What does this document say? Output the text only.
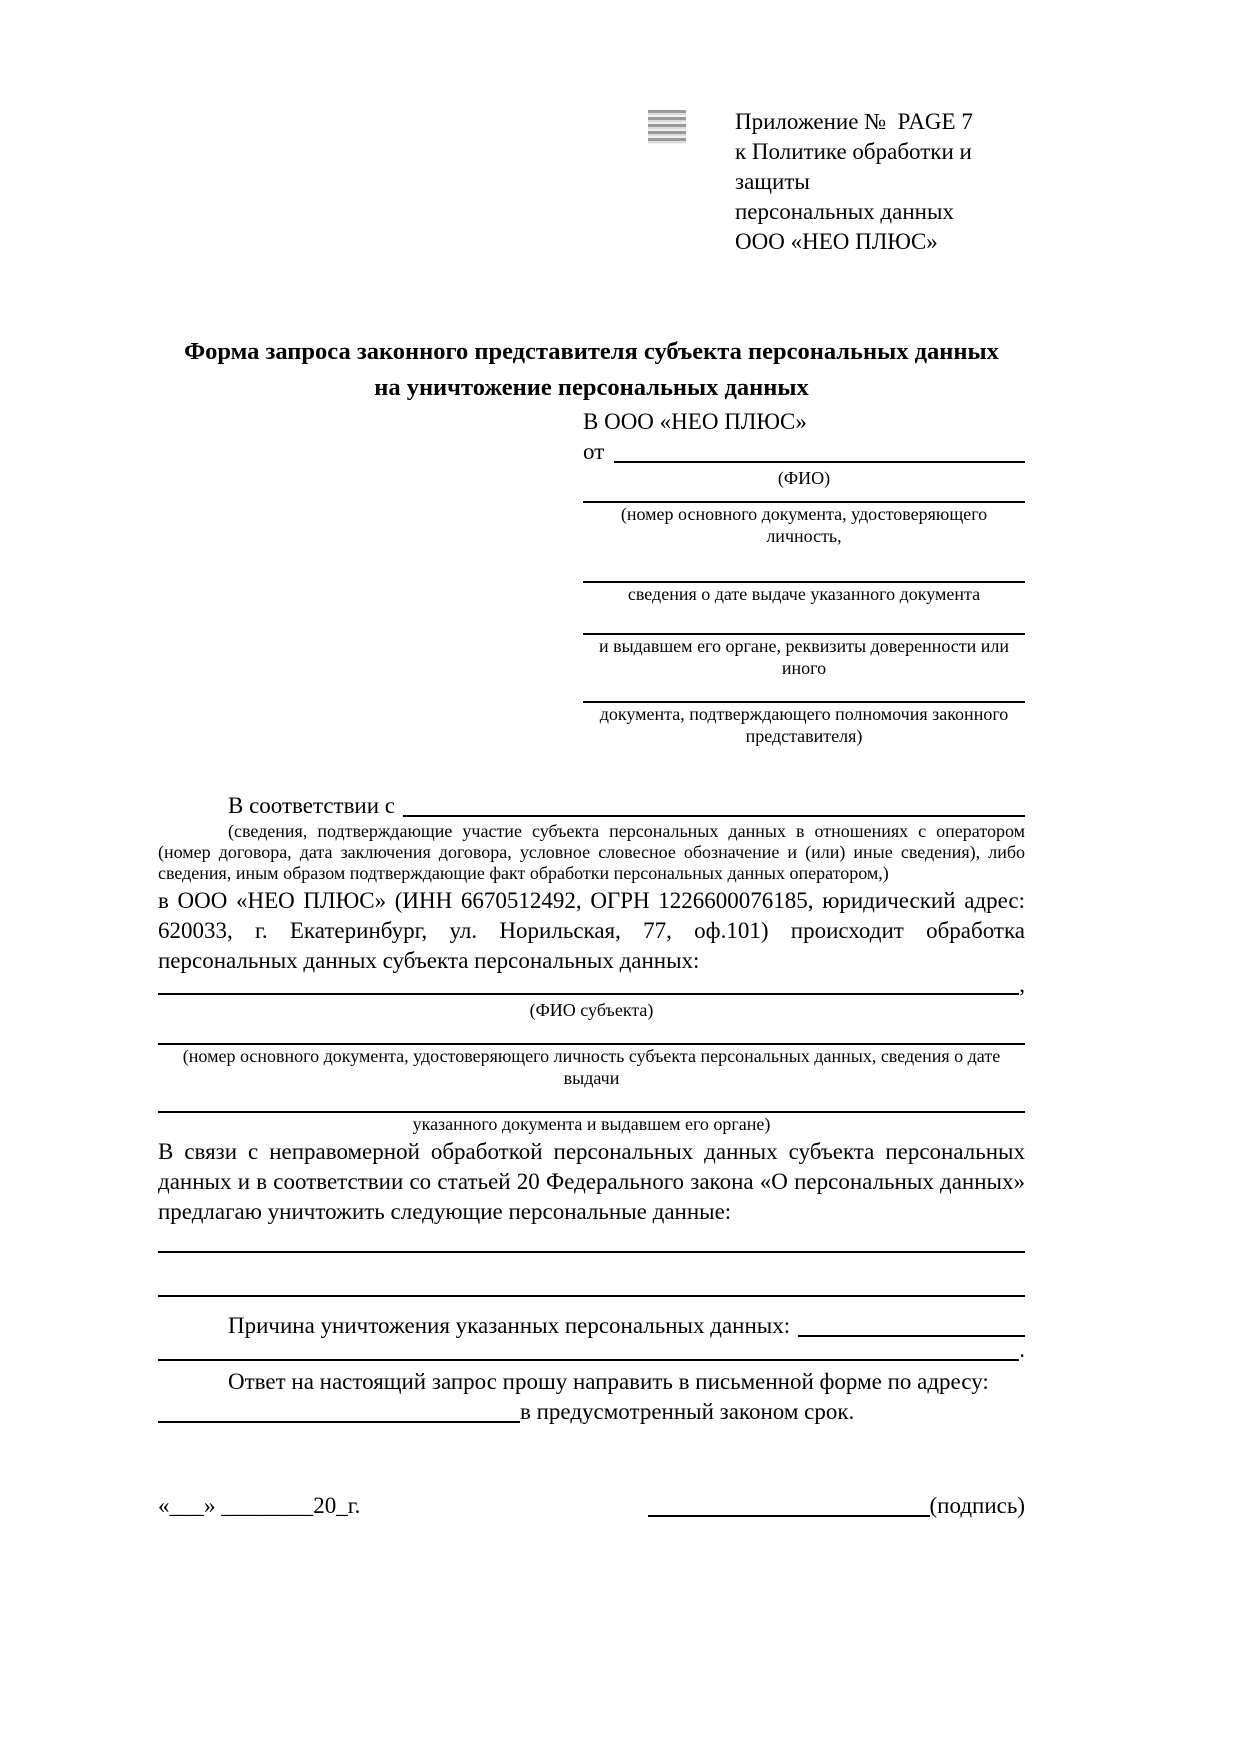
Приложение №  PAGE 7
к Политике обработки и защиты
персональных данных
ООО «НЕО ПЛЮС»
Форма запроса законного представителя субъекта персональных данных
на уничтожение персональных данных
В ООО «НЕО ПЛЮС»
от
(ФИО)
(номер основного документа, удостоверяющего личность,
сведения о дате выдаче указанного документа
и выдавшем его органе, реквизиты доверенности или иного
документа, подтверждающего полномочия законного представителя)
В соответствии с

(сведения, подтверждающие участие субъекта персональных данных в отношениях с оператором (номер договора, дата заключения договора, условное словесное обозначение и (или) иные сведения), либо сведения, иным образом подтверждающие факт обработки персональных данных оператором,)

в ООО «НЕО ПЛЮС» (ИНН 6670512492, ОГРН 1226600076185, юридический адрес: 620033, г. Екатеринбург, ул. Норильская, 77, оф.101) происходит обработка персональных данных субъекта персональных данных:

,
(ФИО субъекта)
(номер основного документа, удостоверяющего личность субъекта персональных данных, сведения о дате выдачи
указанного документа и выдавшем его органе)

В связи с неправомерной обработкой персональных данных субъекта персональных данных и в соответствии со статьей 20 Федерального закона «О персональных данных» предлагаю уничтожить следующие персональные данные:

Причина уничтожения указанных персональных данных:
.

Ответ на настоящий запрос прошу направить в письменной форме по адресу:

в предусмотренный законом срок.
«___» ________20_г.	(подпись)
